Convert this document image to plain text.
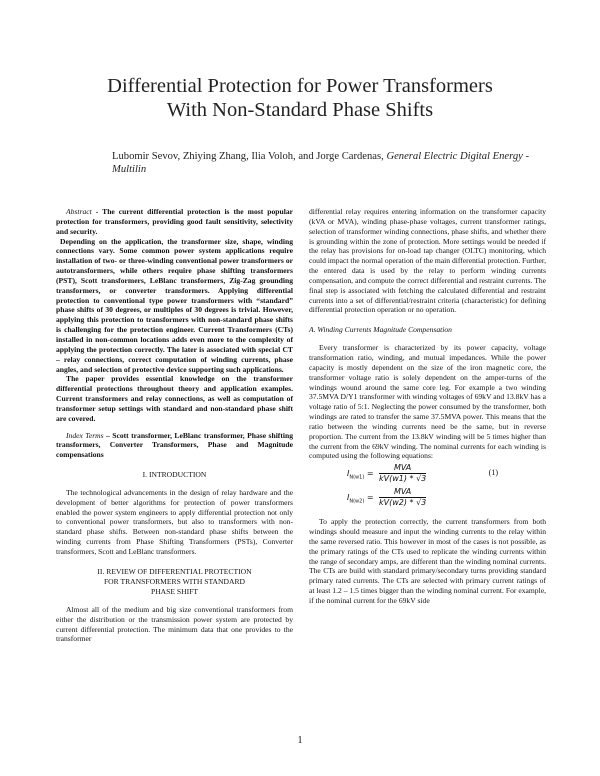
Differential Protection for Power Transformers
With Non-Standard Phase Shifts
Lubomir Sevov, Zhiying Zhang, Ilia Voloh, and Jorge Cardenas, General Electric Digital Energy - Multilin

Abstract - The current differential protection is the most popular protection for transformers, providing good fault sensitivity, selectivity and security.

Depending on the application, the transformer size, shape, winding connections vary. Some common power system applications require installation of two- or three-winding conventional power transformers or autotransformers, while others require phase shifting transformers (PST), Scott transformers, LeBlanc transformers, Zig-Zag grounding transformers, or converter transformers. Applying differential protection to conventional type power transformers with “standard” phase shifts of 30 degrees, or multiples of 30 degrees is trivial. However, applying this protection to transformers with non-standard phase shifts is challenging for the protection engineer. Current Transformers (CTs) installed in non-common locations adds even more to the complexity of applying the protection correctly. The later is associated with special CT – relay connections, correct computation of winding currents, phase angles, and selection of protective device supporting such applications.

The paper provides essential knowledge on the transformer differential protections throughout theory and application examples. Current transformers and relay connections, as well as computation of transformer setup settings with standard and non-standard phase shift are covered.

Index Terms – Scott transformer, LeBlanc transformer, Phase shifting transformers, Converter Transformers, Phase and Magnitude compensations

I. INTRODUCTION

The technological advancements in the design of relay hardware and the development of better algorithms for protection of power transformers enabled the power system engineers to apply differential protection not only to conventional power transformers, but also to transformers with non-standard phase shifts. Between non-standard phase shifts between the winding currents from Phase Shifting Transformers (PSTs), Converter transformers, Scott and LeBlanc transformers.

II. REVIEW OF DIFFERENTIAL PROTECTION
FOR TRANSFORMERS WITH STANDARD
PHASE SHIFT

Almost all of the medium and big size conventional transformers from either the distribution or the transmission power system are protected by current differential protection. The minimum data that one provides to the transformer

differential relay requires entering information on the transformer capacity (kVA or MVA), winding phase-phase voltages, current transformer ratings, selection of transformer winding connections, phase shifts, and whether there is grounding within the zone of protection. More settings would be needed if the relay has provisions for on-load tap changer (OLTC) monitoring, which could impact the normal operation of the main differential protection. Further, the entered data is used by the relay to perform winding currents compensation, and compute the correct differential and restraint currents. The final step is associated with fetching the calculated differential and restraint currents into a set of differential/restraint criteria (characteristic) for defining differential protection operation or no operation.

A. Winding Currents Magnitude Compensation

Every transformer is characterized by its power capacity, voltage transformation ratio, winding, and mutual impedances. While the power capacity is mostly dependent on the size of the iron magnetic core, the transformer voltage ratio is solely dependent on the amper-turns of the windings wound around the same core leg. For example a two winding 37.5MVA D/Y1 transformer with winding voltages of 69kV and 13.8kV has a voltage ratio of 5:1. Neglecting the power consumed by the transformer, both windings are rated to transfer the same 37.5MVA power. This means that the ratio between the winding currents need be the same, but in reverse proportion. The current from the 13.8kV winding will be 5 times higher than the current from the 69kV winding. The nominal currents for each winding is computed using the following equations:

$I_{N(w1)}$ =
MVA
kV(w1) * √3
(1)
$I_{N(w2)}$ =
MVA
kV(w2) * √3

To apply the protection correctly, the current transformers from both windings should measure and input the winding currents to the relay within the same reversed ratio. This however in most of the cases is not possible, as the primary ratings of the CTs used to replicate the winding currents within the range of secondary amps, are different than the winding nominal currents. The CTs are build with standard primary/secondary turns providing standard primary rated currents. The CTs are selected with primary current ratings of at least 1.2 – 1.5 times bigger than the winding nominal current. For example, if the nominal current for the 69kV side

1
